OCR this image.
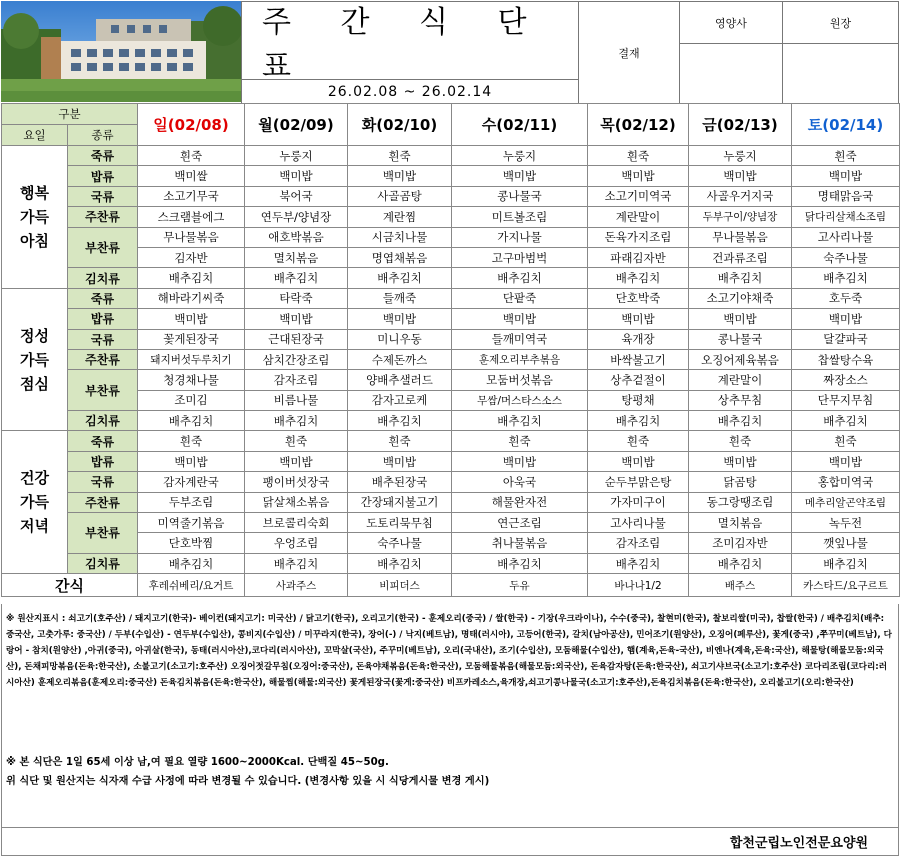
주 간 식 단 표
26.02.08 ~ 26.02.14
결재
영양사	원장
구분		일(02/08)	월(02/09)	화(02/10)	수(02/11)	목(02/12)	금(02/13)	토(02/14)
요일	종류							

행복
가득
아침	죽류	흰죽	누룽지	흰죽	누룽지	흰죽	누룽지	흰죽
	밥류	백미쌀	백미밥	백미밥	백미밥	백미밥	백미밥	백미밥
	국류	소고기무국	북어국	사골곰탕	콩나물국	소고기미역국	사골우거지국	명태맑음국
	주찬류	스크램블에그	연두부/양념장	계란찜	미트볼조림	계란말이	두부구이/양념장	닭다리살채소조림
	부찬류	무나물볶음	애호박볶음	시금치나물	가지나물	돈육가지조림	무나물볶음	고사리나물
		김자반	멸치볶음	명엽채볶음	고구마범벅	파래김자반	건과류조림	숙주나물
	김치류	배추김치	배추김치	배추김치	배추김치	배추김치	배추김치	배추김치

정성
가득
점심	죽류	해바라기씨죽	타락죽	들깨죽	단팥죽	단호박죽	소고기야채죽	호두죽
	밥류	백미밥	백미밥	백미밥	백미밥	백미밥	백미밥	백미밥
	국류	꽃게된장국	근대된장국	미니우동	들깨미역국	육개장	콩나물국	달걀파국
	주찬류	돼지버섯두루치기	삼치간장조림	수제돈까스	훈제오리부추볶음	바싹불고기	오징어제육볶음	찹쌀탕수육
	부찬류	청경채나물	감자조림	양배추샐러드	모둠버섯볶음	상추겉절이	계란말이	짜장소스
		조미김	비름나물	감자고로케	무쌈/머스타스소스	탕평채	상추무침	단무지무침
	김치류	배추김치	배추김치	배추김치	배추김치	배추김치	배추김치	배추김치

건강
가득
저녁	죽류	흰죽	흰죽	흰죽	흰죽	흰죽	흰죽	흰죽
	밥류	백미밥	백미밥	백미밥	백미밥	백미밥	백미밥	백미밥
	국류	감자계란국	팽이버섯장국	배추된장국	아욱국	순두부맑은탕	닭곰탕	홍합미역국
	주찬류	두부조림	닭살채소볶음	간장돼지불고기	해물완자전	가자미구이	동그랑땡조림	메추리알곤약조림
	부찬류	미역줄기볶음	브로콜리숙회	도토리묵무침	연근조림	고사리나물	멸치볶음	녹두전
		단호박찜	우엉조림	숙주나물	취나물볶음	감자조림	조미김자반	깻잎나물
	김치류	배추김치	배추김치	배추김치	배추김치	배추김치	배추김치	배추김치
간식		후레쉬베리/요거트	사과주스	비피더스	두유	바나나1/2	배주스	카스타드/요구르트
※ 원산지표시 : 쇠고기(호주산) / 돼지고기(한국)- 베이컨(돼지고기: 미국산) / 닭고기(한국), 오리고기(한국) - 훈제오리(중국) / 쌀(한국) - 기장(우크라이나), 수수(중국), 찰현미(한국), 찰보리쌀(미국), 찹쌀(한국) / 배추김치(배추: 중국산, 고춧가루: 중국산) / 두부(수입산) - 연두부(수입산), 콩비지(수입산) / 미꾸라지(한국), 장어(-) / 낙지(베트남), 명태(러시아), 고등어(한국), 갈치(남아공산), 민어조기(원양산), 오징어(페루산), 꽃게(중국) ,쭈꾸미(베트남), 다랑어 - 참치(원양산) ,아귀(중국), 아귀살(한국), 동태(러시아산),코다리(러시아산), 꼬막살(국산), 주꾸미(베트남), 오리(국내산), 조기(수입산), 모둠해물(수입산), 햄(계육,돈육-국산), 비엔나(계육,돈육:국산), 해물탕(해물모둠:외국산), 돈채피망볶음(돈육:한국산), 소불고기(소고기:호주산) 오징어젓갈무침(오징어:중국산), 돈육야채볶음(돈육:한국산), 모둠해물볶음(해물모둠:외국산), 돈육감자탕(돈육:한국산), 쇠고기샤브국(소고기:호주산) 코다리조림(코다리:러시아산) 훈제오리볶음(훈제오리:중국산) 돈육김치볶음(돈육:한국산), 해물찜(해물:외국산) 꽃게된장국(꽃게:중국산) 비프카레소스,육개장,쇠고기콩나물국(소고기:호주산),돈육김치볶음(돈육:한국산), 오리불고기(오리:한국산)
※ 본 식단은 1일 65세 이상 남,여 필요 열량 1600~2000Kcal. 단백질 45~50g.
위 식단 및 원산지는 식자재 수급 사정에 따라 변경될 수 있습니다. (변경사항 있을 시 식당게시물 변경 게시)
합천군립노인전문요양원
